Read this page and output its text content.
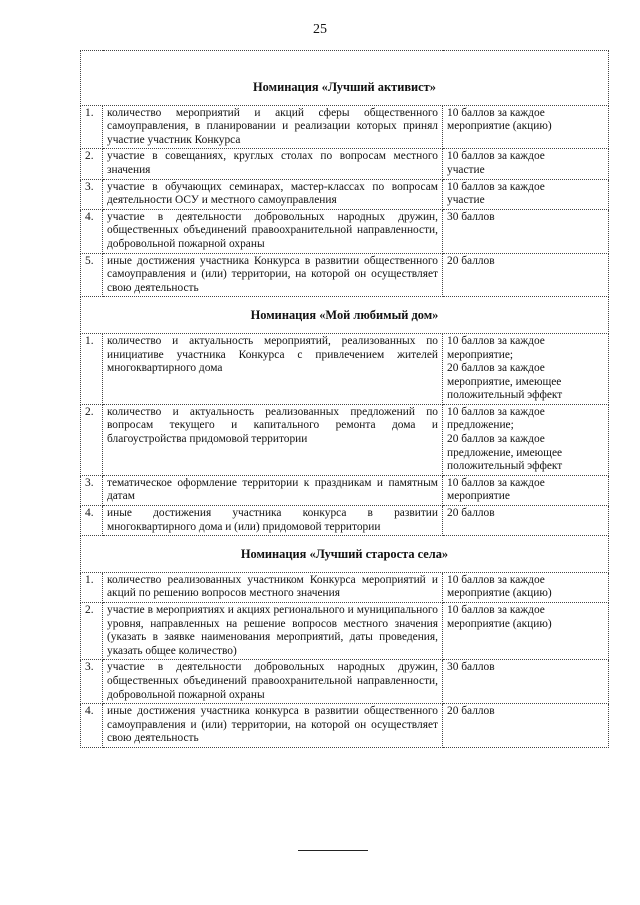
25
Номинация «Лучший активист»		
1.	количество мероприятий и акций сферы общественного самоуправления, в планировании и реализации которых принял участие участник Конкурса	10 баллов за каждое
мероприятие (акцию)

2.	участие в совещаниях, круглых столах по вопросам местного значения	10 баллов за каждое
участие

3.	участие в обучающих семинарах, мастер-классах по вопросам деятельности ОСУ и местного самоуправления	10 баллов за каждое
участие

4.	участие в деятельности добровольных народных дружин, общественных объединений правоохранительной направленности, добровольной пожарной охраны	30 баллов

5.	иные достижения участника Конкурса в развитии общественного самоуправления и (или) территории, на которой он осуществляет свою деятельность	20 баллов

Номинация «Мой любимый дом»		
1.	количество и актуальность мероприятий, реализованных по инициативе участника Конкурса с привлечением жителей многоквартирного дома	10 баллов за каждое
мероприятие;
20 баллов за каждое
мероприятие, имеющее
положительный эффект

2.	количество и актуальность реализованных предложений по вопросам текущего и капитального ремонта дома и благоустройства придомовой территории	10 баллов за каждое
предложение;
20 баллов за каждое
предложение, имеющее
положительный эффект

3.	тематическое оформление территории к праздникам и памятным датам	10 баллов за каждое
мероприятие

4.	иные достижения участника конкурса в развитии многоквартирного дома и (или) придомовой территории	20 баллов

Номинация «Лучший староста села»		
1.	количество реализованных участником Конкурса мероприятий и акций по решению вопросов местного значения	10 баллов за каждое
мероприятие (акцию)

2.	участие в мероприятиях и акциях регионального и муниципального уровня, направленных на решение вопросов местного значения (указать в заявке наименования мероприятий, даты проведения, указать общее количество)	10 баллов за каждое
мероприятие (акцию)

3.	участие в деятельности добровольных народных дружин, общественных объединений правоохранительной направленности, добровольной пожарной охраны	30 баллов

4.	иные достижения участника конкурса в развитии общественного самоуправления и (или) территории, на которой он осуществляет свою деятельность	20 баллов
